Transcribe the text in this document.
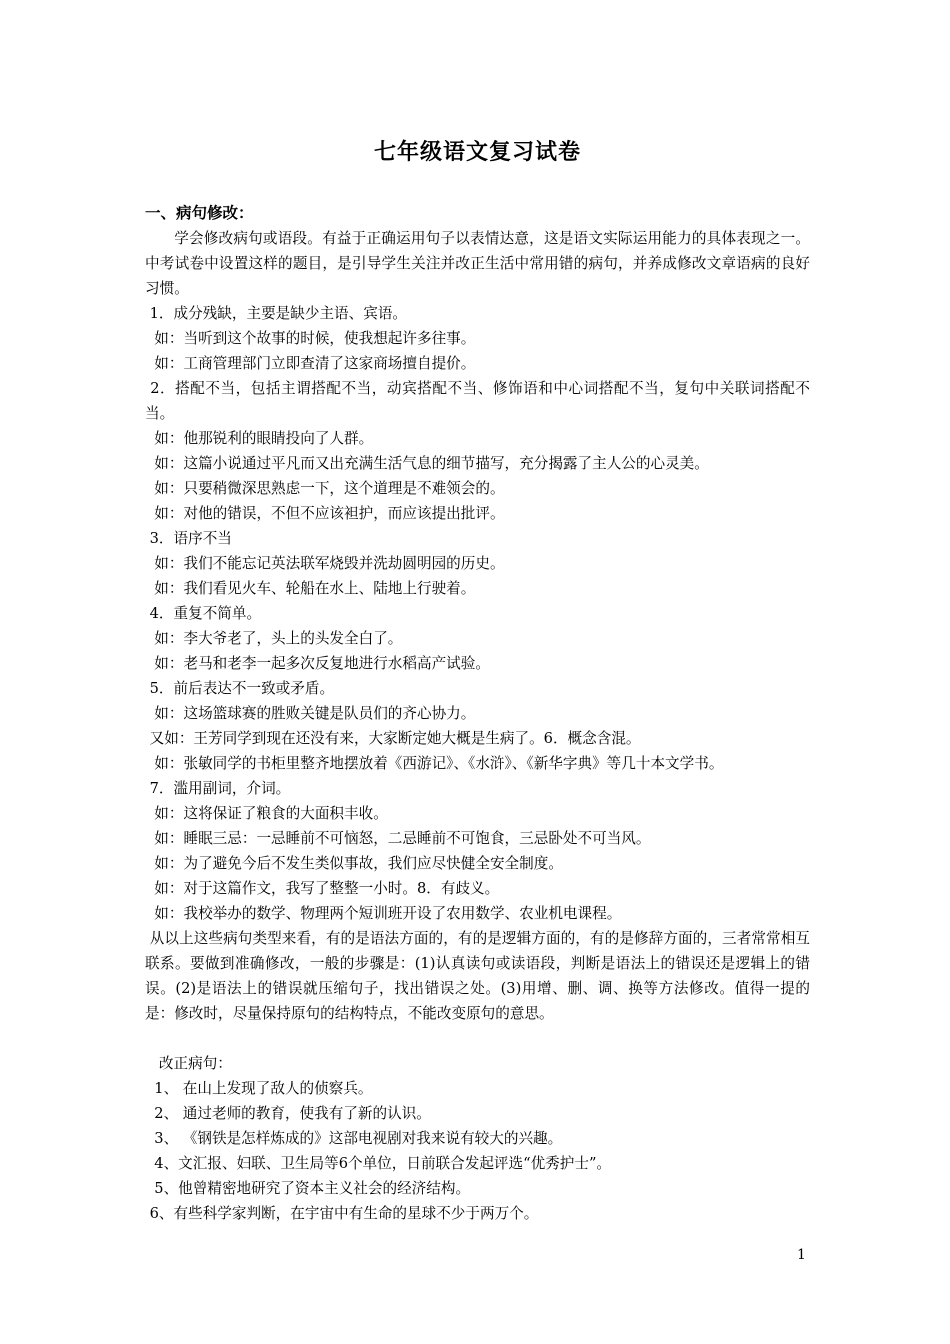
七年级语文复习试卷
一、病句修改：

学会修改病句或语段。有益于正确运用句子以表情达意，这是语文实际运用能力的具体表现之一。中考试卷中设置这样的题目，是引导学生关注并改正生活中常用错的病句，并养成修改文章语病的良好习惯。

1．成分残缺，主要是缺少主语、宾语。

如：当听到这个故事的时候，使我想起许多往事。

如：工商管理部门立即查清了这家商场擅自提价。

2．搭配不当，包括主谓搭配不当，动宾搭配不当、修饰语和中心词搭配不当，复句中关联词搭配不当。

如：他那锐利的眼睛投向了人群。

如：这篇小说通过平凡而又出充满生活气息的细节描写，充分揭露了主人公的心灵美。

如：只要稍微深思熟虑一下，这个道理是不难领会的。

如：对他的错误，不但不应该袒护，而应该提出批评。

3．语序不当

如：我们不能忘记英法联军烧毁并洗劫圆明园的历史。

如：我们看见火车、轮船在水上、陆地上行驶着。

4．重复不简单。

如：李大爷老了，头上的头发全白了。

如：老马和老李一起多次反复地进行水稻高产试验。

5．前后表达不一致或矛盾。

如：这场篮球赛的胜败关键是队员们的齐心协力。

又如：王芳同学到现在还没有来，大家断定她大概是生病了。6．概念含混。

如：张敏同学的书柜里整齐地摆放着《西游记》、《水浒》、《新华字典》等几十本文学书。

7．滥用副词，介词。

如：这将保证了粮食的大面积丰收。

如：睡眠三忌：一忌睡前不可恼怒，二忌睡前不可饱食，三忌卧处不可当风。

如：为了避免今后不发生类似事故，我们应尽快健全安全制度。

如：对于这篇作文，我写了整整一小时。8．有歧义。

如：我校举办的数学、物理两个短训班开设了农用数学、农业机电课程。

从以上这些病句类型来看，有的是语法方面的，有的是逻辑方面的，有的是修辞方面的，三者常常相互联系。要做到准确修改，一般的步骤是：(1)认真读句或读语段，判断是语法上的错误还是逻辑上的错误。(2)是语法上的错误就压缩句子，找出错误之处。(3)用增、删、调、换等方法修改。值得一提的是：修改时，尽量保持原句的结构特点，不能改变原句的意思。

改正病句：

1、 在山上发现了敌人的侦察兵。

2、 通过老师的教育，使我有了新的认识。

3、 《钢铁是怎样炼成的》这部电视剧对我来说有较大的兴趣。

4、文汇报、妇联、卫生局等6个单位，日前联合发起评选“优秀护士”。

5、他曾精密地研究了资本主义社会的经济结构。

6、有些科学家判断，在宇宙中有生命的星球不少于两万个。

1
